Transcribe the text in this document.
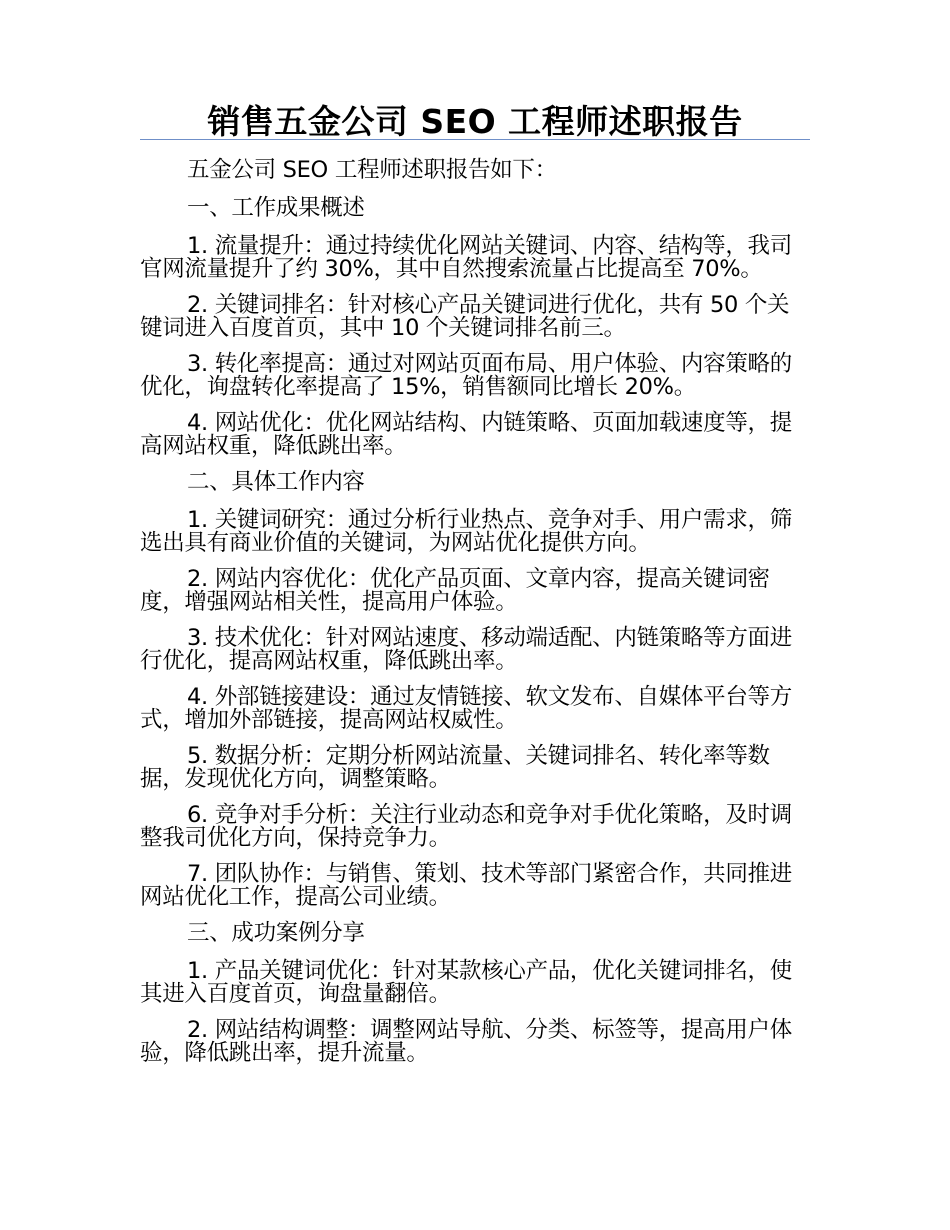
销售五金公司 SEO 工程师述职报告

五金公司 SEO 工程师述职报告如下：

一、工作成果概述

1. 流量提升：通过持续优化网站关键词、内容、结构等，我司官网流量提升了约 30%，其中自然搜索流量占比提高至 70%。

2. 关键词排名：针对核心产品关键词进行优化，共有 50 个关键词进入百度首页，其中 10 个关键词排名前三。

3. 转化率提高：通过对网站页面布局、用户体验、内容策略的优化，询盘转化率提高了 15%，销售额同比增长 20%。

4. 网站优化：优化网站结构、内链策略、页面加载速度等，提高网站权重，降低跳出率。

二、具体工作内容

1. 关键词研究：通过分析行业热点、竞争对手、用户需求，筛选出具有商业价值的关键词，为网站优化提供方向。

2. 网站内容优化：优化产品页面、文章内容，提高关键词密度，增强网站相关性，提高用户体验。

3. 技术优化：针对网站速度、移动端适配、内链策略等方面进行优化，提高网站权重，降低跳出率。

4. 外部链接建设：通过友情链接、软文发布、自媒体平台等方式，增加外部链接，提高网站权威性。

5. 数据分析：定期分析网站流量、关键词排名、转化率等数据，发现优化方向，调整策略。

6. 竞争对手分析：关注行业动态和竞争对手优化策略，及时调整我司优化方向，保持竞争力。

7. 团队协作：与销售、策划、技术等部门紧密合作，共同推进网站优化工作，提高公司业绩。

三、成功案例分享

1. 产品关键词优化：针对某款核心产品，优化关键词排名，使其进入百度首页，询盘量翻倍。

2. 网站结构调整：调整网站导航、分类、标签等，提高用户体验，降低跳出率，提升流量。
